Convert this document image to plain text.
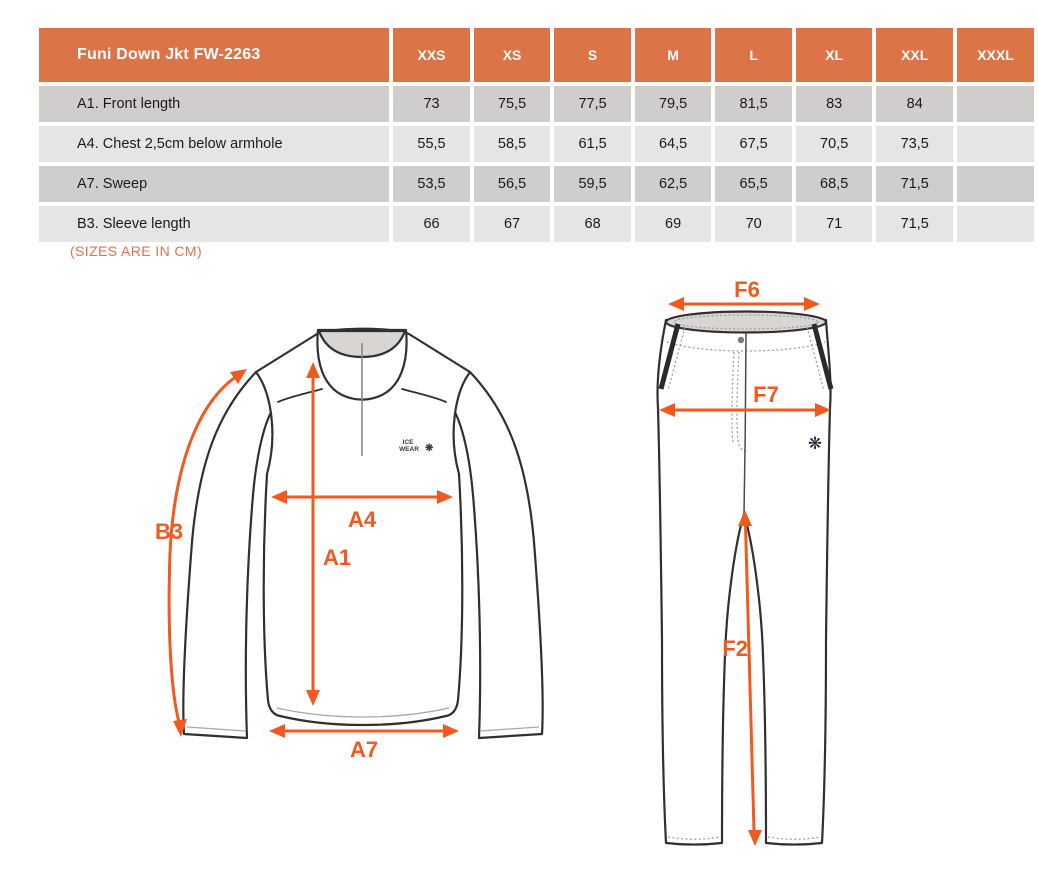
Funi Down Jkt FW-2263	XXS	XS	S	M	L	XL	XXL	XXXL
A1. Front length	73	75,5	77,5	79,5	81,5	83	84	
A4. Chest 2,5cm below armhole	55,5	58,5	61,5	64,5	67,5	70,5	73,5	
A7. Sweep	53,5	56,5	59,5	62,5	65,5	68,5	71,5	
B3. Sleeve length	66	67	68	69	70	71	71,5	
(SIZES ARE IN CM)
ICE WEAR ❋
B3	A4
A1
A7
❋
F6
F7
F2
